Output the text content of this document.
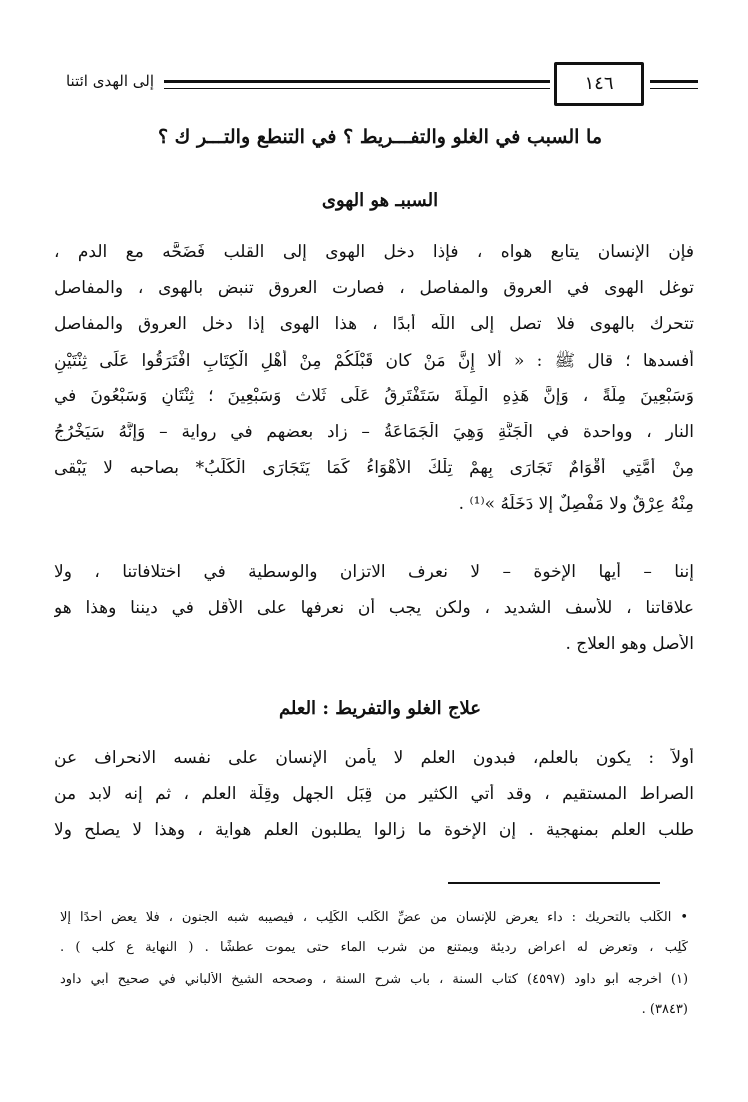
إلى الهدى ائتنا	١٤٦
ما السبب في الغلو والتفـــريط ؟ في التنطع والتـــر ك ؟
السببـ هو الهوى
فإن الإنسان يتابع هواه ، فإذا دخل الهوى إلى القلب فَضَحَّه مع الدم ،
توغل الهوى في العروق والمفاصل ، فصارت العروق تنبض بالهوى ، والمفاصل
تتحرك بالهوى فلا تصل إلى اللّه أبدًا ، هذا الهوى إذا دخل العروق والمفاصل
أفسدها ؛ قال ﷺ : « أَلا إِنَّ مَنْ كان قَبْلَكُمْ مِنْ أَهْلِ الْكِتَابِ افْتَرَقُوا عَلَى ثِنْتَيْنِ
وَسَبْعِينَ مِلَّةً ، وَإِنَّ هَذِهِ الْمِلَّةَ سَتَفْتَرِقُ عَلَى ثَلاث وَسَبْعِينَ ؛ ثِنْتَانِ وَسَبْعُونَ في
النار ، وواحدة في الْجَنَّةِ وَهِيَ الْجَمَاعَةُ – زاد بعضهم في رواية – وَإِنَّهُ سَيَخْرُجُ
مِنْ أُمَّتِي أَقْوَامٌ تَجَارَى بِهِمْ تِلْكَ الأَهْوَاءُ كَمَا يَتَجَارَى الْكَلَبُ* بصاحبه لا يَبْقى
مِنْهُ عِرْقٌ ولا مَفْصِلٌ إلا دَخَلَهُ »⁽¹⁾ .
إننا – أيها الإخوة – لا نعرف الاتزان والوسطية في اختلافاتنا ، ولا
علاقاتنا ، للأسف الشديد ، ولكن يجب أن نعرفها على الأقل في ديننا وهذا هو
الأصل وهو العلاج .
علاج الغلو والتفريط : العلم
أولاً : يكون بالعلم، فبدون العلم لا يأمن الإنسان على نفسه الانحراف عن
الصراط المستقيم ، وقد أُتي الكثير من قِبَل الجهل وقِلَّة العلم ، ثم إنه لابد من
طلب العلم بمنهجية . إن الإخوة ما زالوا يطلبون العلم هواية ، وهذا لا يصلح ولا
• الكَلَب بالتحريك : داء يعرض للإنسان من عضِّ الكَلْب الكَلِب ، فيصيبه شبه الجنون ، فلا يعض أحدًا إلا
كَلِب ، وتعرض له أعراض رديئة ويمتنع من شرب الماء حتى يموت عطشًا . ( النهاية ع كلب ) .
(١) أخرجه أبو داود (٤٥٩٧) كتاب السنة ، باب شرح السنة ، وصححه الشيخ الألباني في صحيح أبي داود
(٣٨٤٣) .
